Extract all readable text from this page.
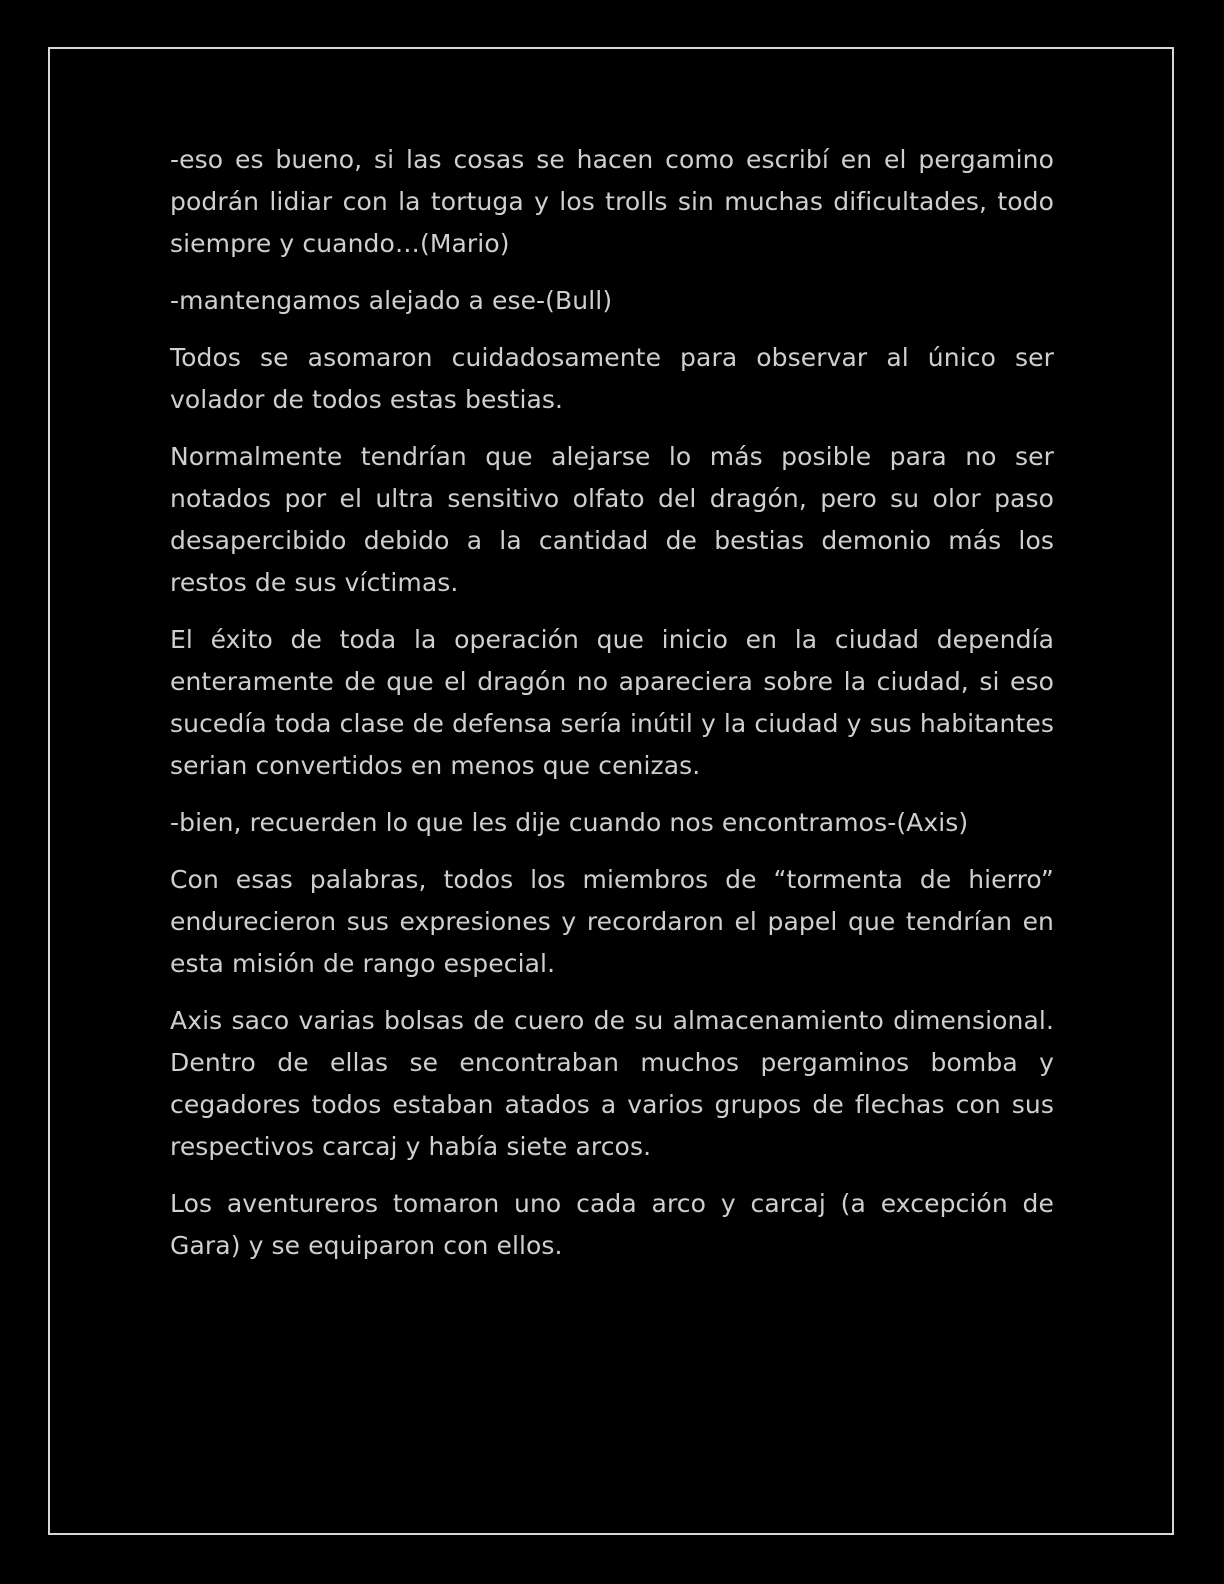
-eso es bueno, si las cosas se hacen como escribí en el pergamino podrán lidiar con la tortuga y los trolls sin muchas dificultades, todo siempre y cuando…(Mario)

-mantengamos alejado a ese-(Bull)

Todos se asomaron cuidadosamente para observar al único ser volador de todos estas bestias.

Normalmente tendrían que alejarse lo más posible para no ser notados por el ultra sensitivo olfato del dragón, pero su olor paso desapercibido debido a la cantidad de bestias demonio más los restos de sus víctimas.

El éxito de toda la operación que inicio en la ciudad dependía enteramente de que el dragón no apareciera sobre la ciudad, si eso sucedía toda clase de defensa sería inútil y la ciudad y sus habitantes serian convertidos en menos que cenizas.

-bien, recuerden lo que les dije cuando nos encontramos-(Axis)

Con esas palabras, todos los miembros de “tormenta de hierro” endurecieron sus expresiones y recordaron el papel que tendrían en esta misión de rango especial.

Axis saco varias bolsas de cuero de su almacenamiento dimensional. Dentro de ellas se encontraban muchos pergaminos bomba y cegadores todos estaban atados a varios grupos de flechas con sus respectivos carcaj y había siete arcos.

Los aventureros tomaron uno cada arco y carcaj (a excepción de Gara) y se equiparon con ellos.
